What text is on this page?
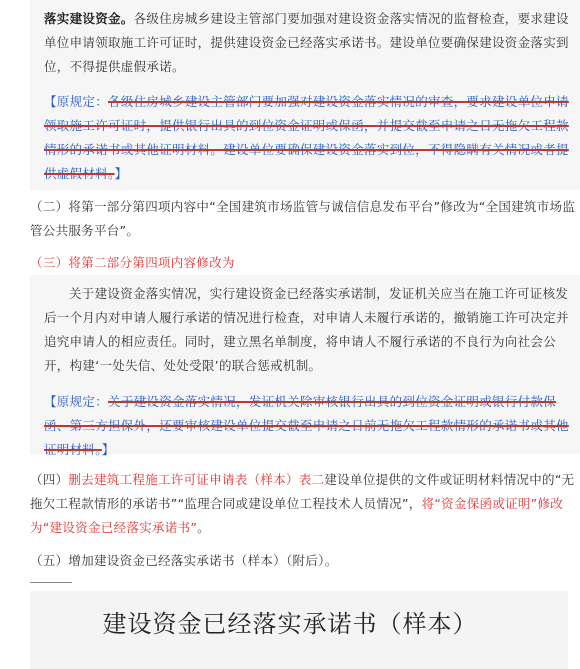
落实建设资金。各级住房城乡建设主管部门要加强对建设资金落实情况的监督检查，要求建设单位申请领取施工许可证时，提供建设资金已经落实承诺书。建设单位要确保建设资金落实到位，不得提供虚假承诺。

【原规定：各级住房城乡建设主管部门要加强对建设资金落实情况的审查，要求建设单位申请领取施工许可证时，提供银行出具的到位资金证明或保函，并提交截至申请之日无拖欠工程款情形的承诺书或其他证明材料。建设单位要确保建设资金落实到位，不得隐瞒有关情况或者提供虚假材料。】

（二）将第一部分第四项内容中“全国建筑市场监管与诚信信息发布平台”修改为“全国建筑市场监管公共服务平台”。

（三）将第二部分第四项内容修改为

关于建设资金落实情况，实行建设资金已经落实承诺制，发证机关应当在施工许可证核发后一个月内对申请人履行承诺的情况进行检查，对申请人未履行承诺的，撤销施工许可决定并追究申请人的相应责任。同时，建立黑名单制度，将申请人不履行承诺的不良行为向社会公开，构建‘一处失信、处处受限’的联合惩戒机制。

【原规定：关于建设资金落实情况，发证机关除审核银行出具的到位资金证明或银行付款保函、第三方担保外，还要审核建设单位提交截至申请之日前无拖欠工程款情形的承诺书或其他证明材料。】

（四）删去建筑工程施工许可证申请表（样本）表二建设单位提供的文件或证明材料情况中的“无拖欠工程款情形的承诺书”“监理合同或建设单位工程技术人员情况”，将“资金保函或证明”修改为“建设资金已经落实承诺书”。

（五）增加建设资金已经落实承诺书（样本）（附后）。

建设资金已经落实承诺书（样本）
